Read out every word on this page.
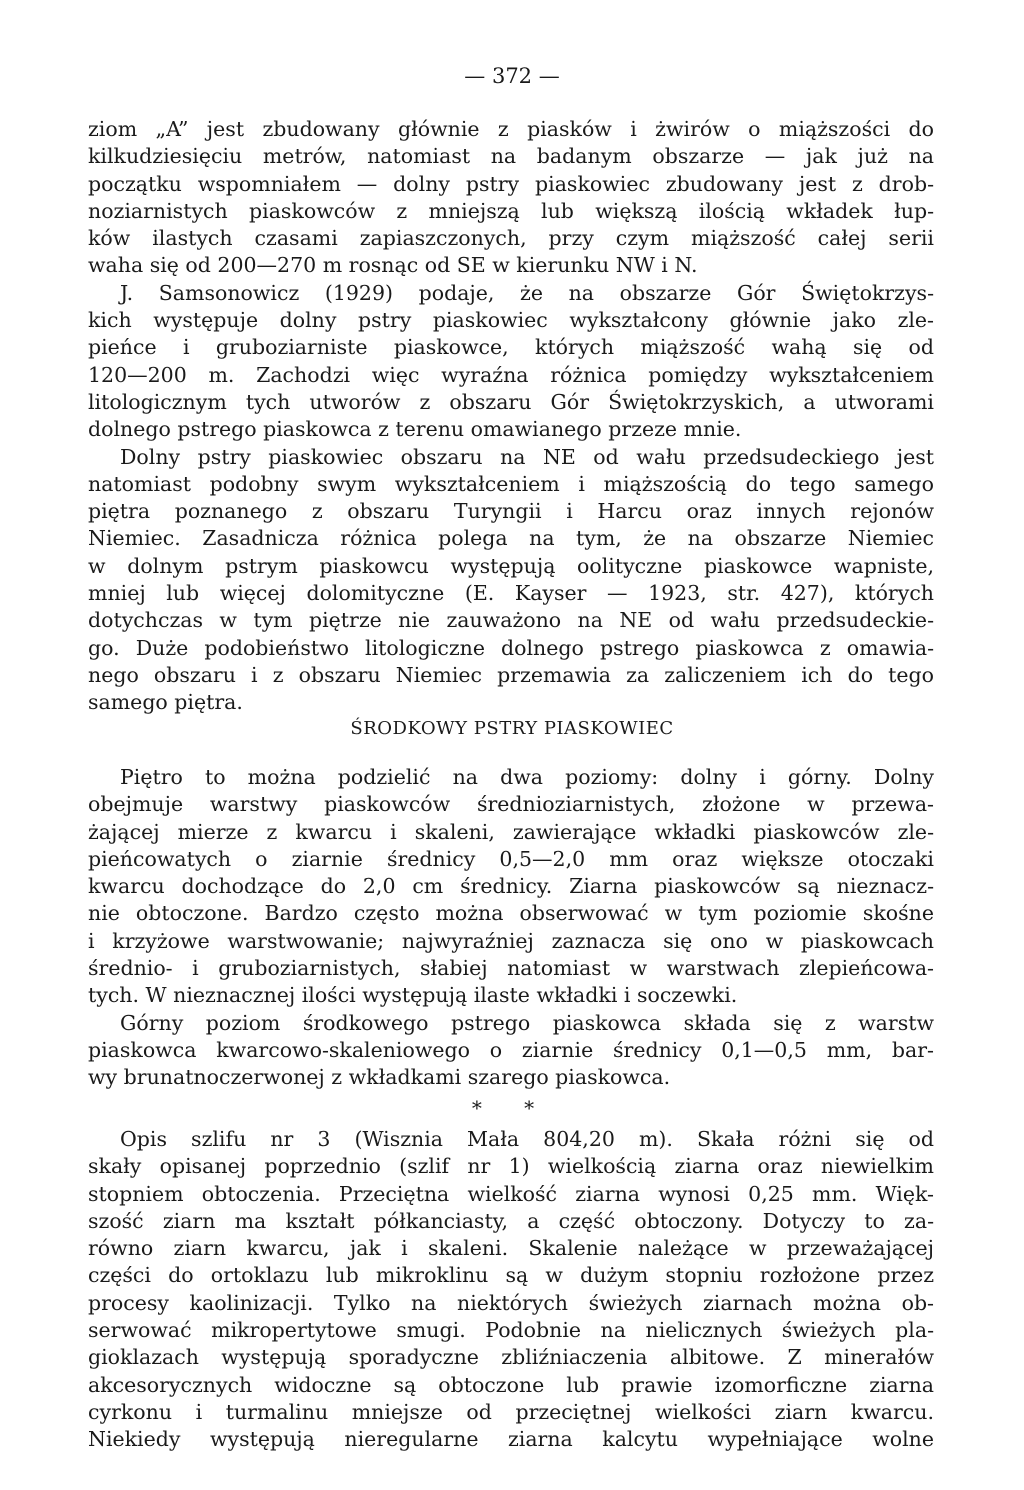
— 372 —
ziom „A” jest zbudowany głównie z piasków i żwirów o miąższości do
kilkudziesięciu metrów, natomiast na badanym obszarze — jak już na
początku wspomniałem — dolny pstry piaskowiec zbudowany jest z drob-
noziarnistych piaskowców z mniejszą lub większą ilością wkładek łup-
ków ilastych czasami zapiaszczonych, przy czym miąższość całej serii
waha się od 200—270 m rosnąc od SE w kierunku NW i N.
J. Samsonowicz (1929) podaje, że na obszarze Gór Świętokrzys-
kich występuje dolny pstry piaskowiec wykształcony głównie jako zle-
pieńce i gruboziarniste piaskowce, których miąższość wahą się od
120—200 m. Zachodzi więc wyraźna różnica pomiędzy wykształceniem
litologicznym tych utworów z obszaru Gór Świętokrzyskich, a utworami
dolnego pstrego piaskowca z terenu omawianego przeze mnie.
Dolny pstry piaskowiec obszaru na NE od wału przedsudeckiego jest
natomiast podobny swym wykształceniem i miąższością do tego samego
piętra poznanego z obszaru Turyngii i Harcu oraz innych rejonów
Niemiec. Zasadnicza różnica polega na tym, że na obszarze Niemiec
w dolnym pstrym piaskowcu występują oolityczne piaskowce wapniste,
mniej lub więcej dolomityczne (E. Kayser — 1923, str. 427), których
dotychczas w tym piętrze nie zauważono na NE od wału przedsudeckie-
go. Duże podobieństwo litologiczne dolnego pstrego piaskowca z omawia-
nego obszaru i z obszaru Niemiec przemawia za zaliczeniem ich do tego
samego piętra.
ŚRODKOWY PSTRY PIASKOWIEC
Piętro to można podzielić na dwa poziomy: dolny i górny. Dolny
obejmuje warstwy piaskowców średnioziarnistych, złożone w przewa-
żającej mierze z kwarcu i skaleni, zawierające wkładki piaskowców zle-
pieńcowatych o ziarnie średnicy 0,5—2,0 mm oraz większe otoczaki
kwarcu dochodzące do 2,0 cm średnicy. Ziarna piaskowców są nieznacz-
nie obtoczone. Bardzo często można obserwować w tym poziomie skośne
i krzyżowe warstwowanie; najwyraźniej zaznacza się ono w piaskowcach
średnio- i gruboziarnistych, słabiej natomiast w warstwach zlepieńcowa-
tych. W nieznacznej ilości występują ilaste wkładki i soczewki.
Górny poziom środkowego pstrego piaskowca składa się z warstw
piaskowca kwarcowo-skaleniowego o ziarnie średnicy 0,1—0,5 mm, bar-
wy brunatnoczerwonej z wkładkami szarego piaskowca.
* *
Opis szlifu nr 3 (Wisznia Mała 804,20 m). Skała różni się od
skały opisanej poprzednio (szlif nr 1) wielkością ziarna oraz niewielkim
stopniem obtoczenia. Przeciętna wielkość ziarna wynosi 0,25 mm. Więk-
szość ziarn ma kształt półkanciasty, a część obtoczony. Dotyczy to za-
równo ziarn kwarcu, jak i skaleni. Skalenie należące w przeważającej
części do ortoklazu lub mikroklinu są w dużym stopniu rozłożone przez
procesy kaolinizacji. Tylko na niektórych świeżych ziarnach można ob-
serwować mikropertytowe smugi. Podobnie na nielicznych świeżych pla-
gioklazach występują sporadyczne zbliźniaczenia albitowe. Z minerałów
akcesorycznych widoczne są obtoczone lub prawie izomorficzne ziarna
cyrkonu i turmalinu mniejsze od przeciętnej wielkości ziarn kwarcu.
Niekiedy występują nieregularne ziarna kalcytu wypełniające wolne
